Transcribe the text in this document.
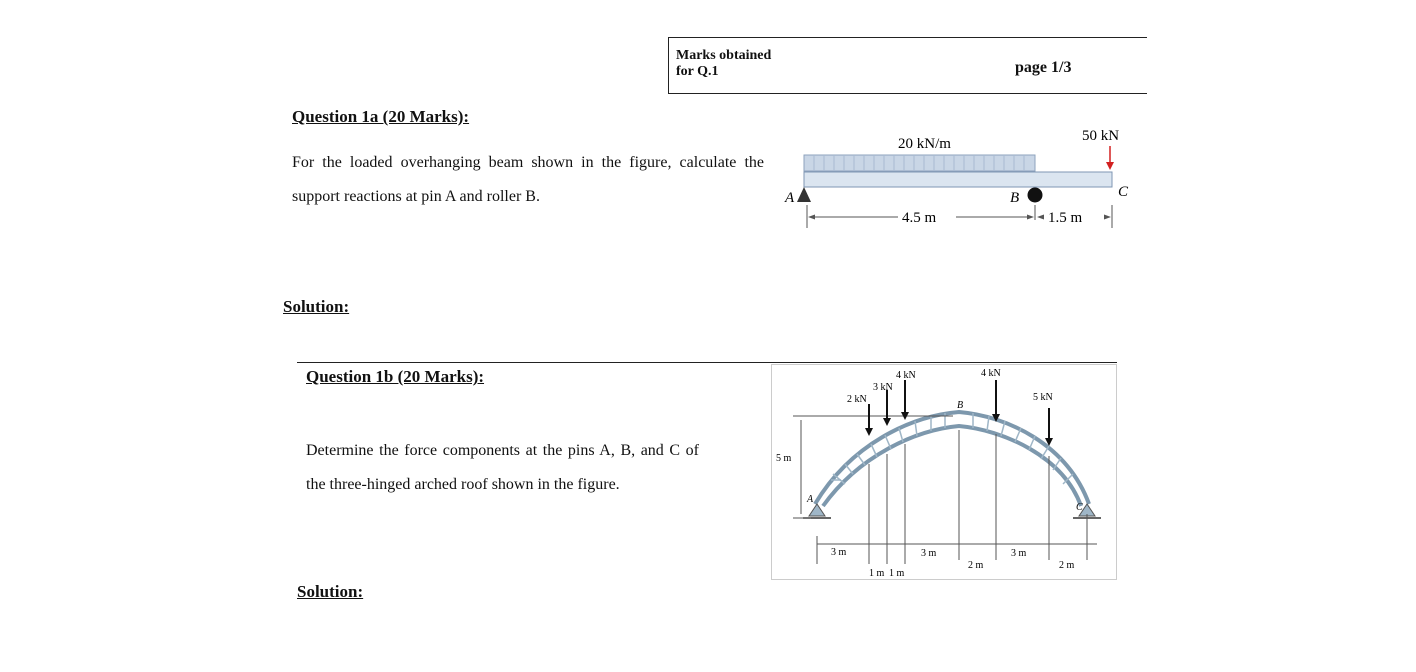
Marks obtained
for Q.1	page 1/3
Question 1a (20 Marks):
For the loaded overhanging beam shown in the figure, calculate the support reactions at pin A and roller B.
20 kN/m	50 kN
A	B	C
4.5 m	1.5 m
Solution:
Question 1b (20 Marks):
Determine the force components at the pins A, B, and C of the three-hinged arched roof shown in the figure.
A
B
C
5 m
2 kN
3 kN
4 kN	4 kN
5 kN
3 m
1 m 1 m
3 m
2 m
3 m
2 m
Solution:
